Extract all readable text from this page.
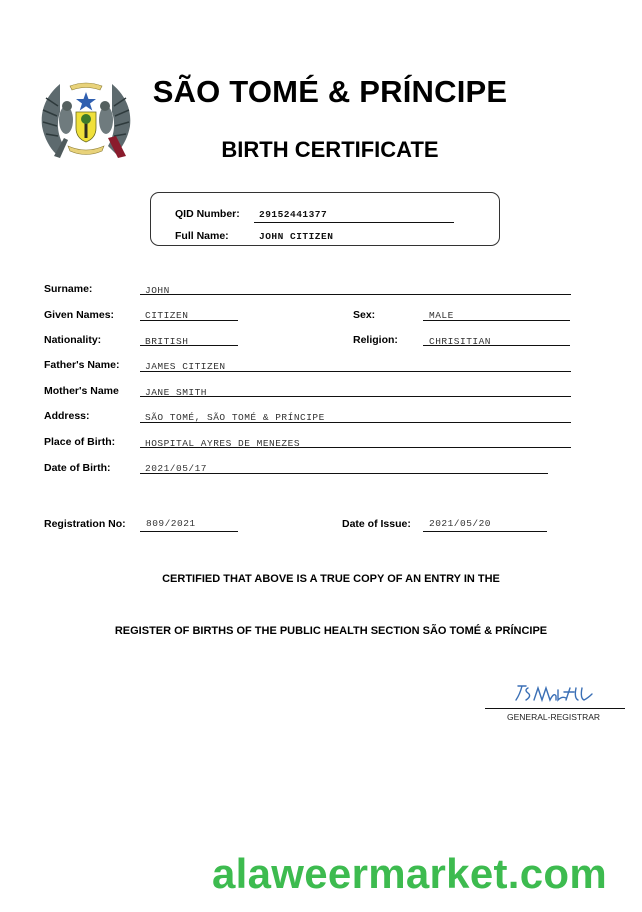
SÃO TOMÉ & PRÍNCIPE
BIRTH CERTIFICATE
QID Number: 29152441377
Full Name:	JOHN CITIZEN
Surname:	JOHN
Given Names:	CITIZEN	Sex:	MALE
Nationality:	BRITISH	Religion:	CHRISITIAN
Father's Name:	JAMES CITIZEN
Mother's Name	JANE SMITH
Address:	SÃO TOMÉ, SÃO TOMÉ & PRÍNCIPE
Place of Birth:	HOSPITAL AYRES DE MENEZES
Date of Birth:	2021/05/17
Registration No: 809/2021	Date of Issue: 2021/05/20
CERTIFIED THAT ABOVE IS A TRUE COPY OF AN ENTRY IN THE
REGISTER OF BIRTHS OF THE PUBLIC HEALTH SECTION SÃO TOMÉ & PRÍNCIPE
GENERAL-REGISTRAR
alaweermarket.com
